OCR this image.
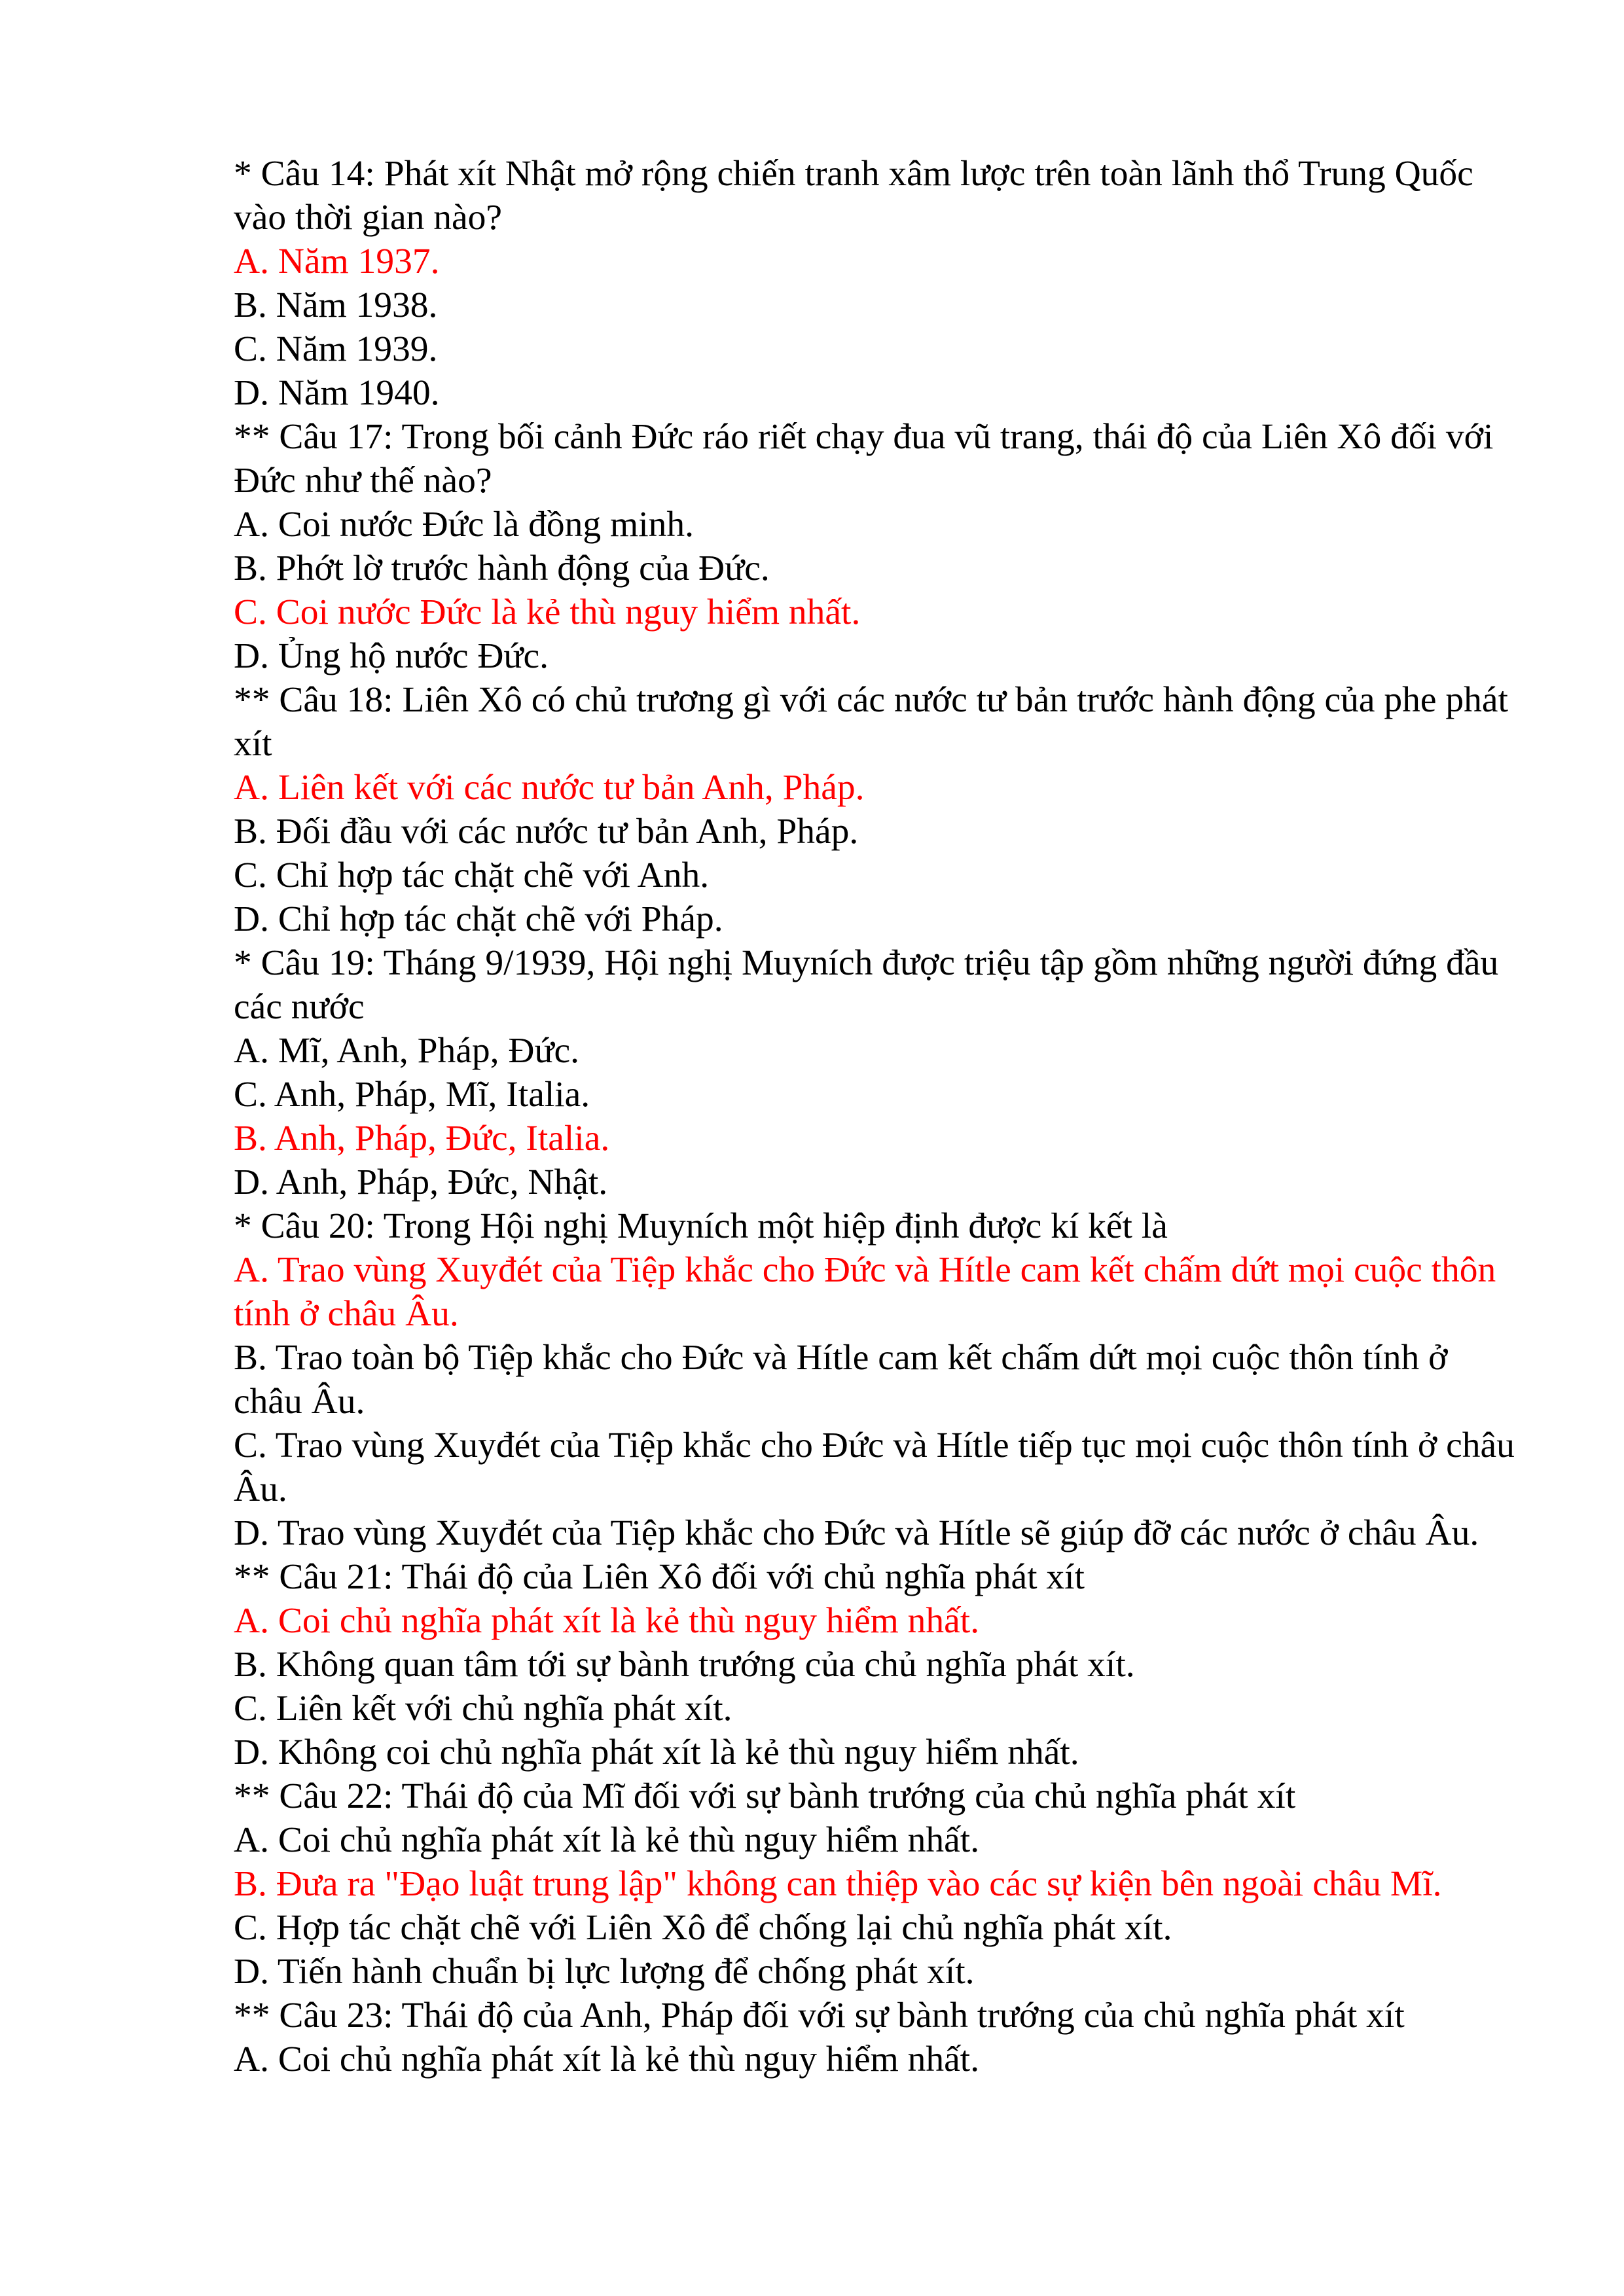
* Câu 14: Phát xít Nhật mở rộng chiến tranh xâm lược trên toàn lãnh thổ Trung Quốc vào thời gian nào?

A. Năm 1937.

B. Năm 1938.

C. Năm 1939.

D. Năm 1940.

** Câu 17: Trong bối cảnh Đức ráo riết chạy đua vũ trang, thái độ của Liên Xô đối với Đức như thế nào?

A. Coi nước Đức là đồng minh.

B. Phớt lờ trước hành động của Đức.

C. Coi nước Đức là kẻ thù nguy hiểm nhất.

D. Ủng hộ nước Đức.

** Câu 18: Liên Xô có chủ trương gì với các nước tư bản trước hành động của phe phát xít

A. Liên kết với các nước tư bản Anh, Pháp.

B. Đối đầu với các nước tư bản Anh, Pháp.

C. Chỉ hợp tác chặt chẽ với Anh.

D. Chỉ hợp tác chặt chẽ với Pháp.

* Câu 19: Tháng 9/1939, Hội nghị Muyních được triệu tập gồm những người đứng đầu các nước

A. Mĩ, Anh, Pháp, Đức.

C. Anh, Pháp, Mĩ, Italia.

B. Anh, Pháp, Đức, Italia.

D. Anh, Pháp, Đức, Nhật.

* Câu 20: Trong Hội nghị Muyních một hiệp định được kí kết là

A. Trao vùng Xuyđét của Tiệp khắc cho Đức và Hítle cam kết chấm dứt mọi cuộc thôn tính ở châu Âu.

B. Trao toàn bộ Tiệp khắc cho Đức và Hítle cam kết chấm dứt mọi cuộc thôn tính ở châu Âu.

C. Trao vùng Xuyđét của Tiệp khắc cho Đức và Hítle tiếp tục mọi cuộc thôn tính ở châu Âu.

D. Trao vùng Xuyđét của Tiệp khắc cho Đức và Hítle sẽ giúp đỡ các nước ở châu Âu.

** Câu 21: Thái độ của Liên Xô đối với chủ nghĩa phát xít

A. Coi chủ nghĩa phát xít là kẻ thù nguy hiểm nhất.

B. Không quan tâm tới sự bành trướng của chủ nghĩa phát xít.

C. Liên kết với chủ nghĩa phát xít.

D. Không coi chủ nghĩa phát xít là kẻ thù nguy hiểm nhất.

** Câu 22: Thái độ của Mĩ đối với sự bành trướng của chủ nghĩa phát xít

A. Coi chủ nghĩa phát xít là kẻ thù nguy hiểm nhất.

B. Đưa ra "Đạo luật trung lập" không can thiệp vào các sự kiện bên ngoài châu Mĩ.

C. Hợp tác chặt chẽ với Liên Xô để chống lại chủ nghĩa phát xít.

D. Tiến hành chuẩn bị lực lượng để chống phát xít.

** Câu 23: Thái độ của Anh, Pháp đối với sự bành trướng của chủ nghĩa phát xít

A. Coi chủ nghĩa phát xít là kẻ thù nguy hiểm nhất.
